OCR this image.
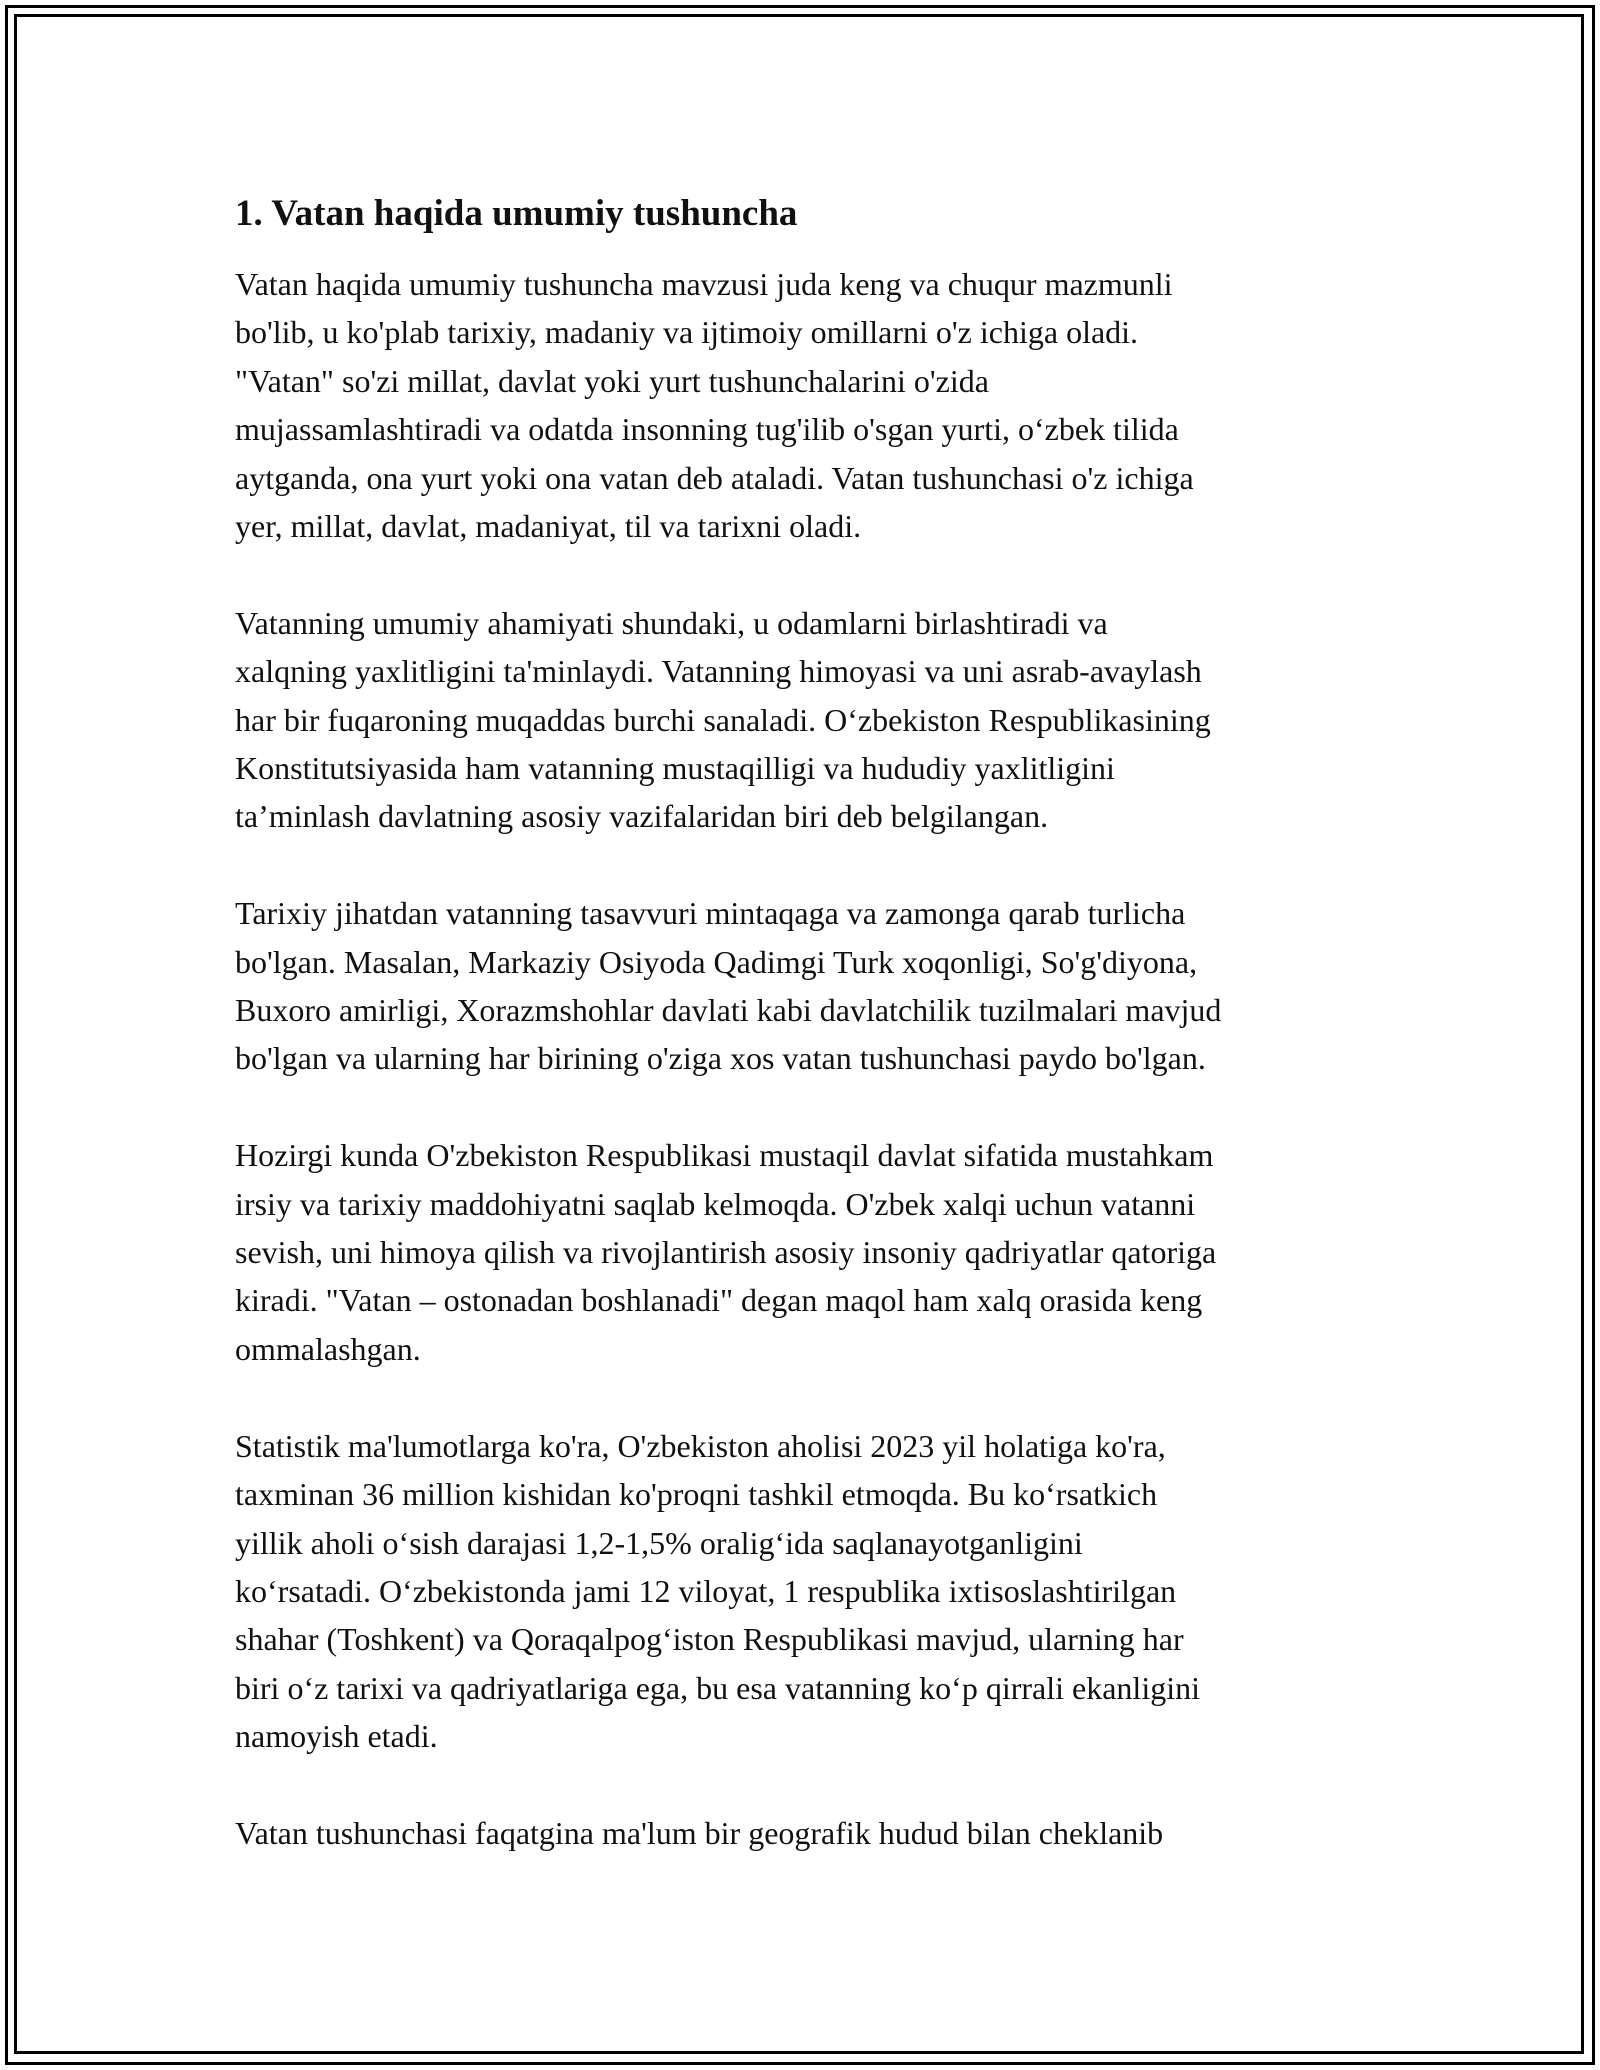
1. Vatan haqida umumiy tushuncha

Vatan haqida umumiy tushuncha mavzusi juda keng va chuqur mazmunli
bo'lib, u ko'plab tarixiy, madaniy va ijtimoiy omillarni o'z ichiga oladi.
"Vatan" so'zi millat, davlat yoki yurt tushunchalarini o'zida
mujassamlashtiradi va odatda insonning tug'ilib o'sgan yurti, oʻzbek tilida
aytganda, ona yurt yoki ona vatan deb ataladi. Vatan tushunchasi o'z ichiga
yer, millat, davlat, madaniyat, til va tarixni oladi.

Vatanning umumiy ahamiyati shundaki, u odamlarni birlashtiradi va
xalqning yaxlitligini ta'minlaydi. Vatanning himoyasi va uni asrab-avaylash
har bir fuqaroning muqaddas burchi sanaladi. Oʻzbekiston Respublikasining
Konstitutsiyasida ham vatanning mustaqilligi va hududiy yaxlitligini
ta’minlash davlatning asosiy vazifalaridan biri deb belgilangan.

Tarixiy jihatdan vatanning tasavvuri mintaqaga va zamonga qarab turlicha
bo'lgan. Masalan, Markaziy Osiyoda Qadimgi Turk xoqonligi, So'g'diyona,
Buxoro amirligi, Xorazmshohlar davlati kabi davlatchilik tuzilmalari mavjud
bo'lgan va ularning har birining o'ziga xos vatan tushunchasi paydo bo'lgan.

Hozirgi kunda O'zbekiston Respublikasi mustaqil davlat sifatida mustahkam
irsiy va tarixiy maddohiyatni saqlab kelmoqda. O'zbek xalqi uchun vatanni
sevish, uni himoya qilish va rivojlantirish asosiy insoniy qadriyatlar qatoriga
kiradi. "Vatan – ostonadan boshlanadi" degan maqol ham xalq orasida keng
ommalashgan.

Statistik ma'lumotlarga ko'ra, O'zbekiston aholisi 2023 yil holatiga ko'ra,
taxminan 36 million kishidan ko'proqni tashkil etmoqda. Bu koʻrsatkich
yillik aholi oʻsish darajasi 1,2-1,5% oraligʻida saqlanayotganligini
koʻrsatadi. Oʻzbekistonda jami 12 viloyat, 1 respublika ixtisoslashtirilgan
shahar (Toshkent) va Qoraqalpogʻiston Respublikasi mavjud, ularning har
biri oʻz tarixi va qadriyatlariga ega, bu esa vatanning koʻp qirrali ekanligini
namoyish etadi.

Vatan tushunchasi faqatgina ma'lum bir geografik hudud bilan cheklanib
